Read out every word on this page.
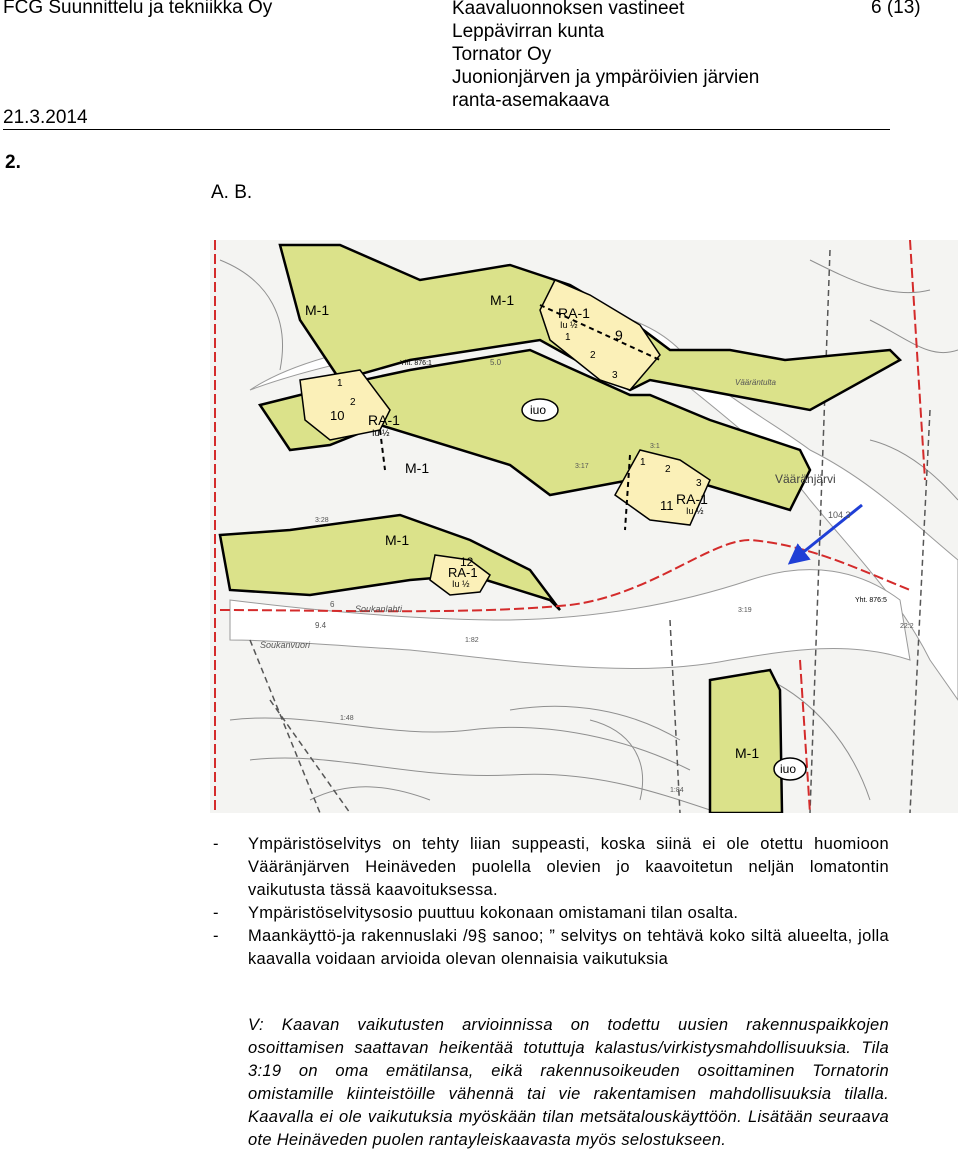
FCG Suunnittelu ja tekniikka Oy	Kaavaluonnoksen vastineet
Leppävirran kunta
Tornator Oy
Juonionjärven ja ympäröivien järvien
ranta-asemakaava
6 (13)
21.3.2014
2.
A. B.
M-1
M-1
M-1
M-1
M-1
RA-1
RA-1
RA-1
RA-1
Iu ½
Iu ½
Iu ½
Iu ½
iuo
iuo
9
1
2
3
1
2
10
1
2
3
11
12
Yht. 876:1
Yht. 876:5
Vääränjärvi
Vääräntulta
Soukanlahti
Soukanvuori
104.3
5.0
9.4
6
3:19
3:17
3:28
22:2
1:82
1:48
1:84
3:1
-	Ympäristöselvitys on tehty liian suppeasti, koska siinä ei ole otettu huomioon Vääränjärven Heinäveden puolella olevien jo kaavoitetun neljän lomatontin vaikutusta tässä kaavoituksessa.
-	Ympäristöselvitysosio puuttuu kokonaan omistamani tilan osalta.
-	Maankäyttö-ja rakennuslaki /9§ sanoo; ” selvitys on tehtävä koko siltä alueelta, jolla kaavalla voidaan arvioida olevan olennaisia vaikutuksia
V: Kaavan vaikutusten arvioinnissa on todettu uusien rakennuspaikkojen osoittamisen saattavan heikentää totuttuja kalastus/virkistysmahdollisuuksia. Tila 3:19 on oma emätilansa, eikä rakennusoikeuden osoittaminen Tornatorin omistamille kiinteistöille vähennä tai vie rakentamisen mahdollisuuksia tilalla. Kaavalla ei ole vaikutuksia myöskään tilan metsätalouskäyttöön. Lisätään seuraava ote Heinäveden puolen rantayleiskaavasta myös selostukseen.
